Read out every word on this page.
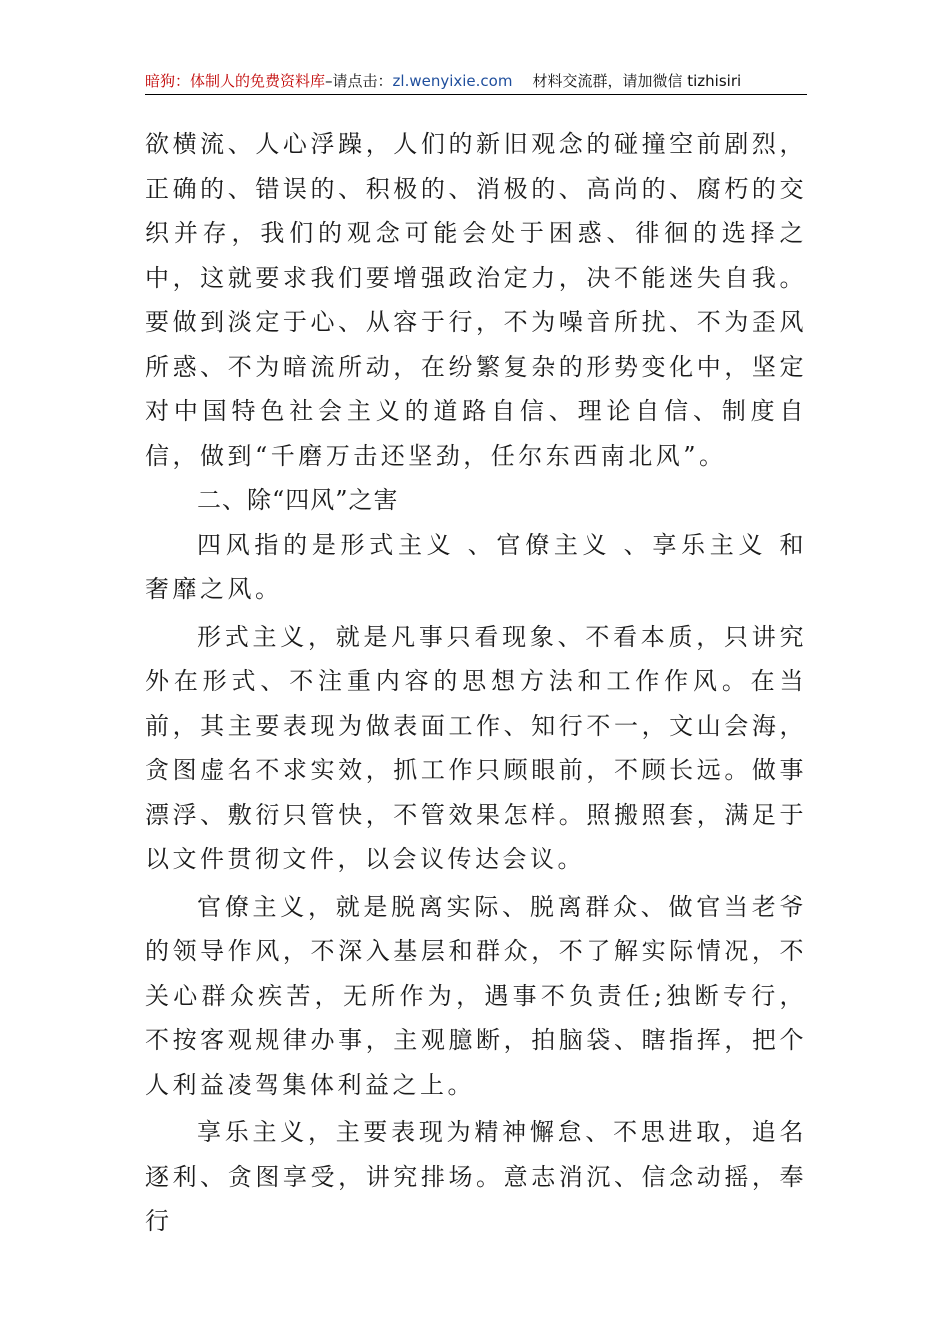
暗狗：体制人的免费资料库–请点击：zl.wenyixie.com 材料交流群，请加微信 tizhisiri

欲横流、人心浮躁，人们的新旧观念的碰撞空前剧烈，正确的、错误的、积极的、消极的、高尚的、腐朽的交织并存，我们的观念可能会处于困惑、徘徊的选择之中，这就要求我们要增强政治定力，决不能迷失自我。要做到淡定于心、从容于行，不为噪音所扰、不为歪风所惑、不为暗流所动，在纷繁复杂的形势变化中，坚定对中国特色社会主义的道路自信、理论自信、制度自信，做到“千磨万击还坚劲，任尔东西南北风”。

二、除“四风”之害

四风指的是形式主义 、官僚主义 、享乐主义 和奢靡之风。

形式主义，就是凡事只看现象、不看本质，只讲究外在形式、不注重内容的思想方法和工作作风。在当前，其主要表现为做表面工作、知行不一，文山会海，贪图虚名不求实效，抓工作只顾眼前，不顾长远。做事漂浮、敷衍只管快，不管效果怎样。照搬照套，满足于以文件贯彻文件，以会议传达会议。

官僚主义，就是脱离实际、脱离群众、做官当老爷的领导作风，不深入基层和群众，不了解实际情况，不关心群众疾苦，无所作为，遇事不负责任;独断专行，不按客观规律办事，主观臆断，拍脑袋、瞎指挥，把个人利益凌驾集体利益之上。

享乐主义，主要表现为精神懈怠、不思进取，追名逐利、贪图享受，讲究排场。意志消沉、信念动摇，奉行
